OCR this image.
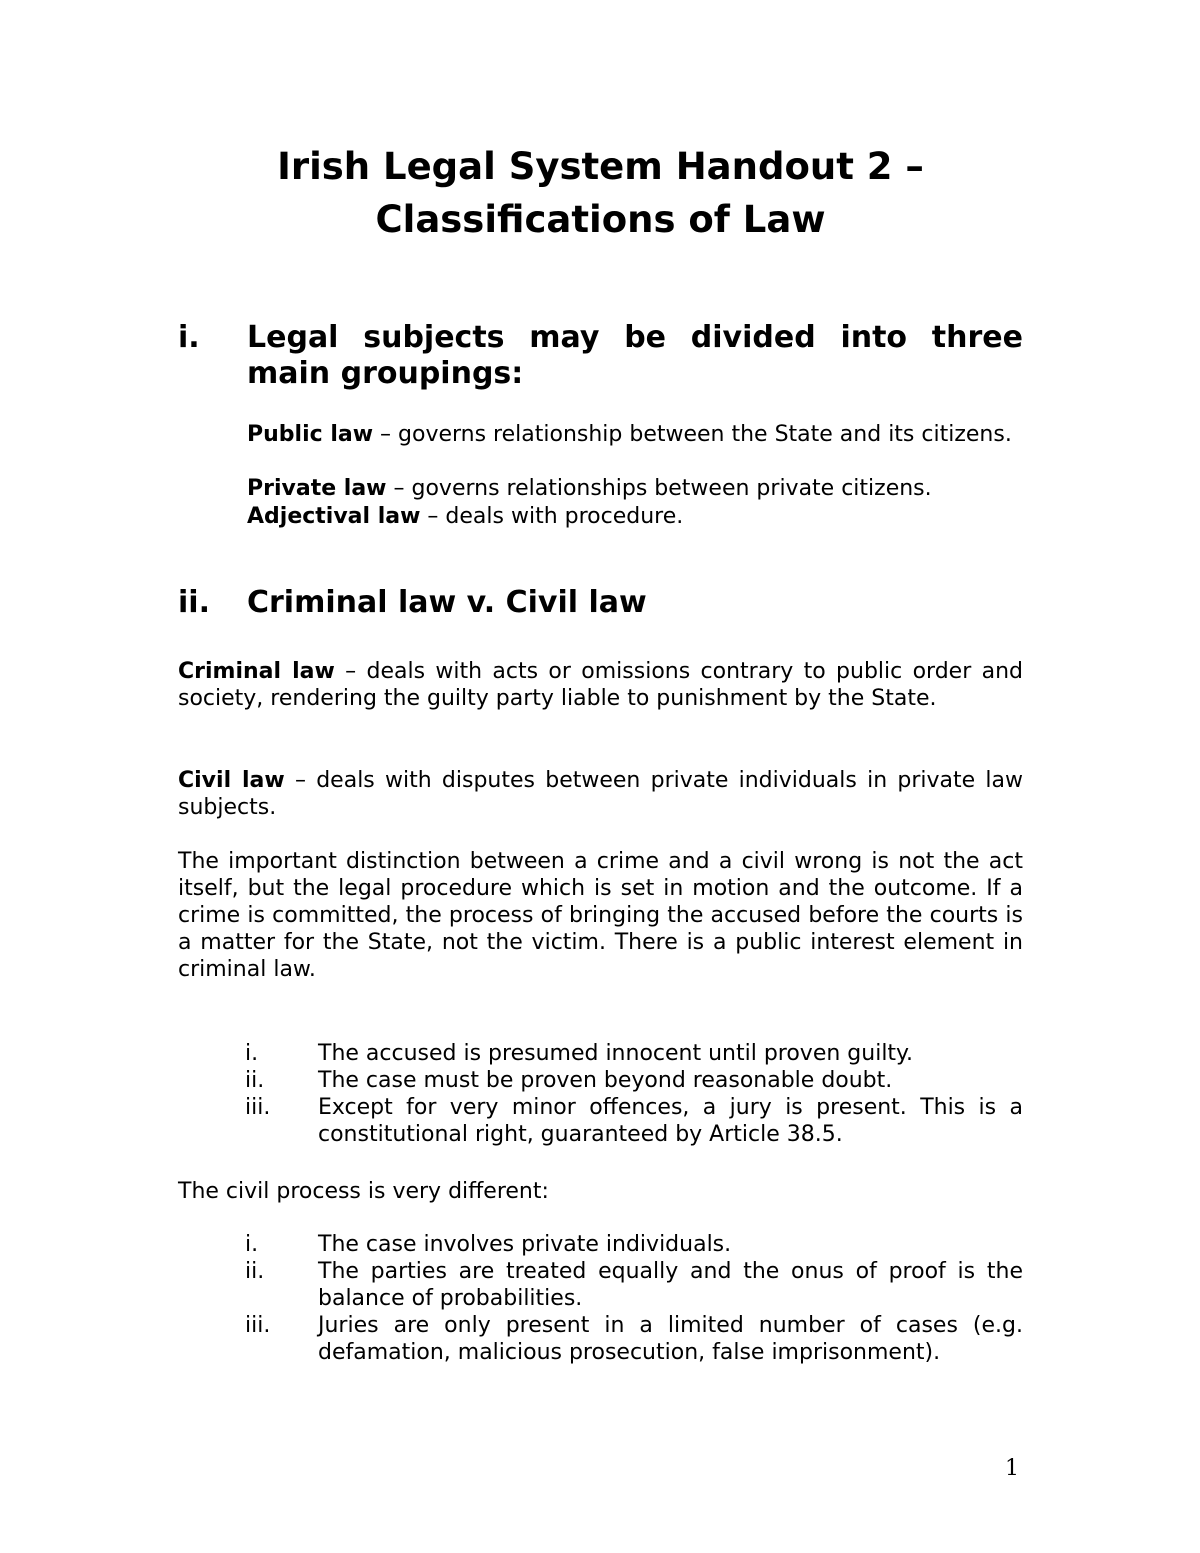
Irish Legal System Handout 2 –
Classifications of Law
i. Legal subjects may be divided into three main groupings:

Public law – governs relationship between the State and its citizens.

Private law – governs relationships between private citizens.

Adjectival law – deals with procedure.

ii. Criminal law v. Civil law

Criminal law – deals with acts or omissions contrary to public order and society, rendering the guilty party liable to punishment by the State.

Civil law – deals with disputes between private individuals in private law subjects.

The important distinction between a crime and a civil wrong is not the act itself, but the legal procedure which is set in motion and the outcome. If a crime is committed, the process of bringing the accused before the courts is a matter for the State, not the victim. There is a public interest element in criminal law.

i.	The accused is presumed innocent until proven guilty.
ii. The case must be proven beyond reasonable doubt.
iii. Except for very minor offences, a jury is present. This is a constitutional right, guaranteed by Article 38.5.

The civil process is very different:

i.	The case involves private individuals.
ii. The parties are treated equally and the onus of proof is the balance of probabilities.
iii. Juries are only present in a limited number of cases (e.g. defamation, malicious prosecution, false imprisonment).
1
